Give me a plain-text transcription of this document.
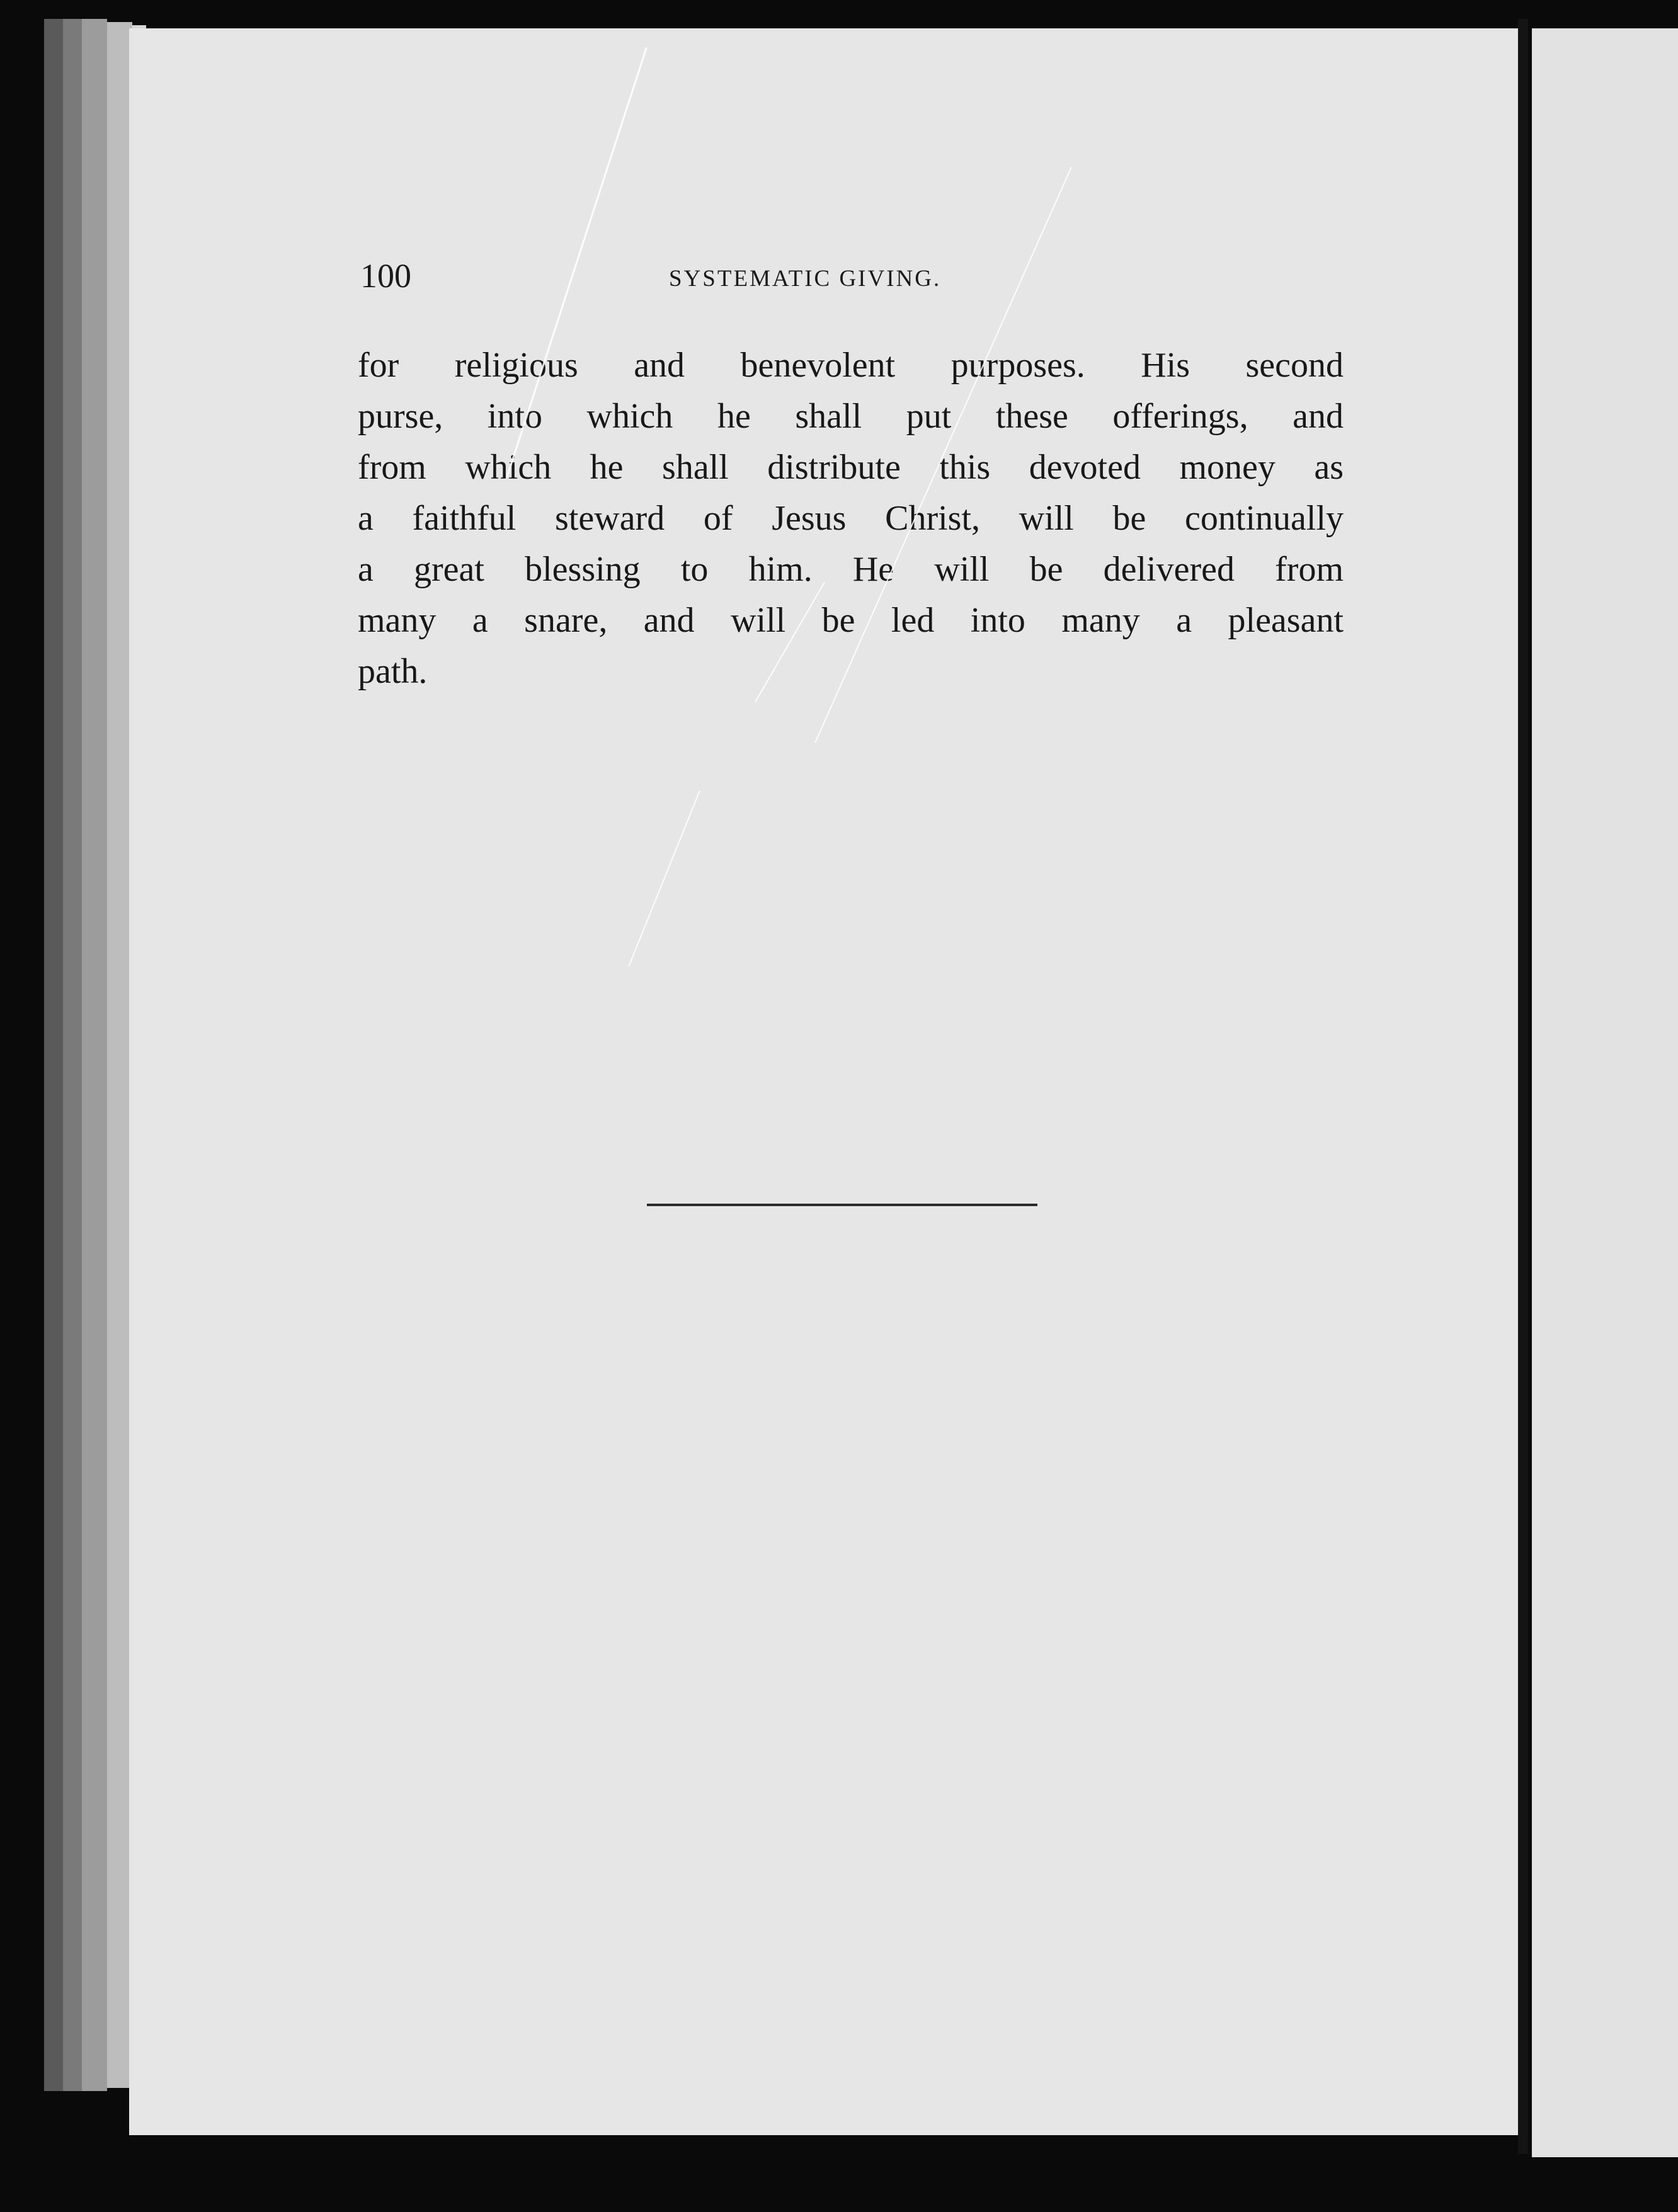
100	SYSTEMATIC GIVING.
for religious and benevolent purposes. His second
purse, into which he shall put these offerings, and
from which he shall distribute this devoted money as
a faithful steward of Jesus Christ, will be continually
a great blessing to him. He will be delivered from
many a snare, and will be led into many a pleasant
path.
